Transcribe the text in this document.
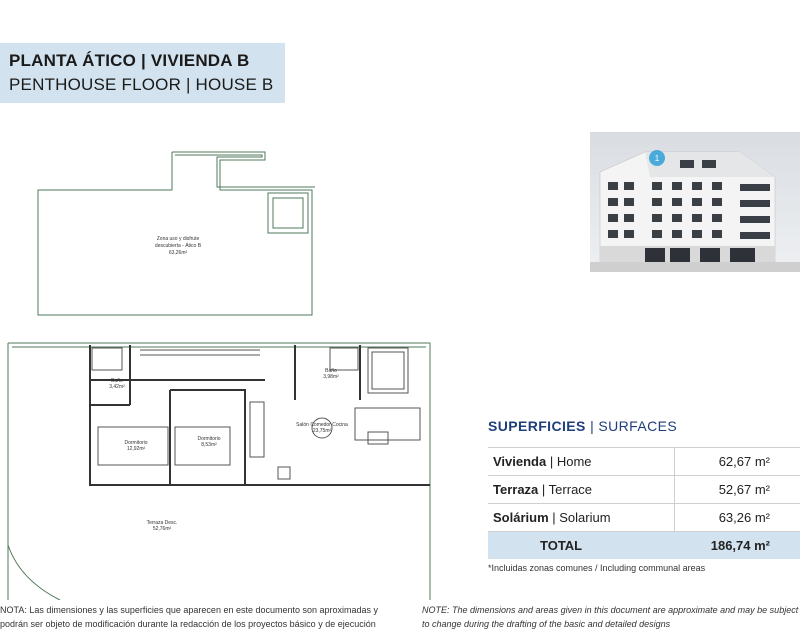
PLANTA ÁTICO | VIVIENDA B
PENTHOUSE FLOOR | HOUSE B
Zona uso y disfrute
descubierta - Ático B
63,26m²
Baño
3,42m²
Baño
3,98m²
Dormitorio
12,92m²
Dormitorio
8,53m²
Salón Comedor Cocina
23,75m²
Terraza Desc.
52,76m²
1
SUPERFICIES | SURFACES
Vivienda | Home	62,67 m²
Terraza | Terrace	52,67 m²
Solárium | Solarium	63,26 m²
TOTAL	186,74 m²
*Incluidas zonas comunes / Including communal areas
NOTA: Las dimensiones y las superficies que aparecen en este documento son aproximadas y
podrán ser objeto de modificación durante la redacción de los proyectos básico y de ejecución
NOTE: The dimensions and areas given in this document are approximate and may be subject
to change during the drafting of the basic and detailed designs
